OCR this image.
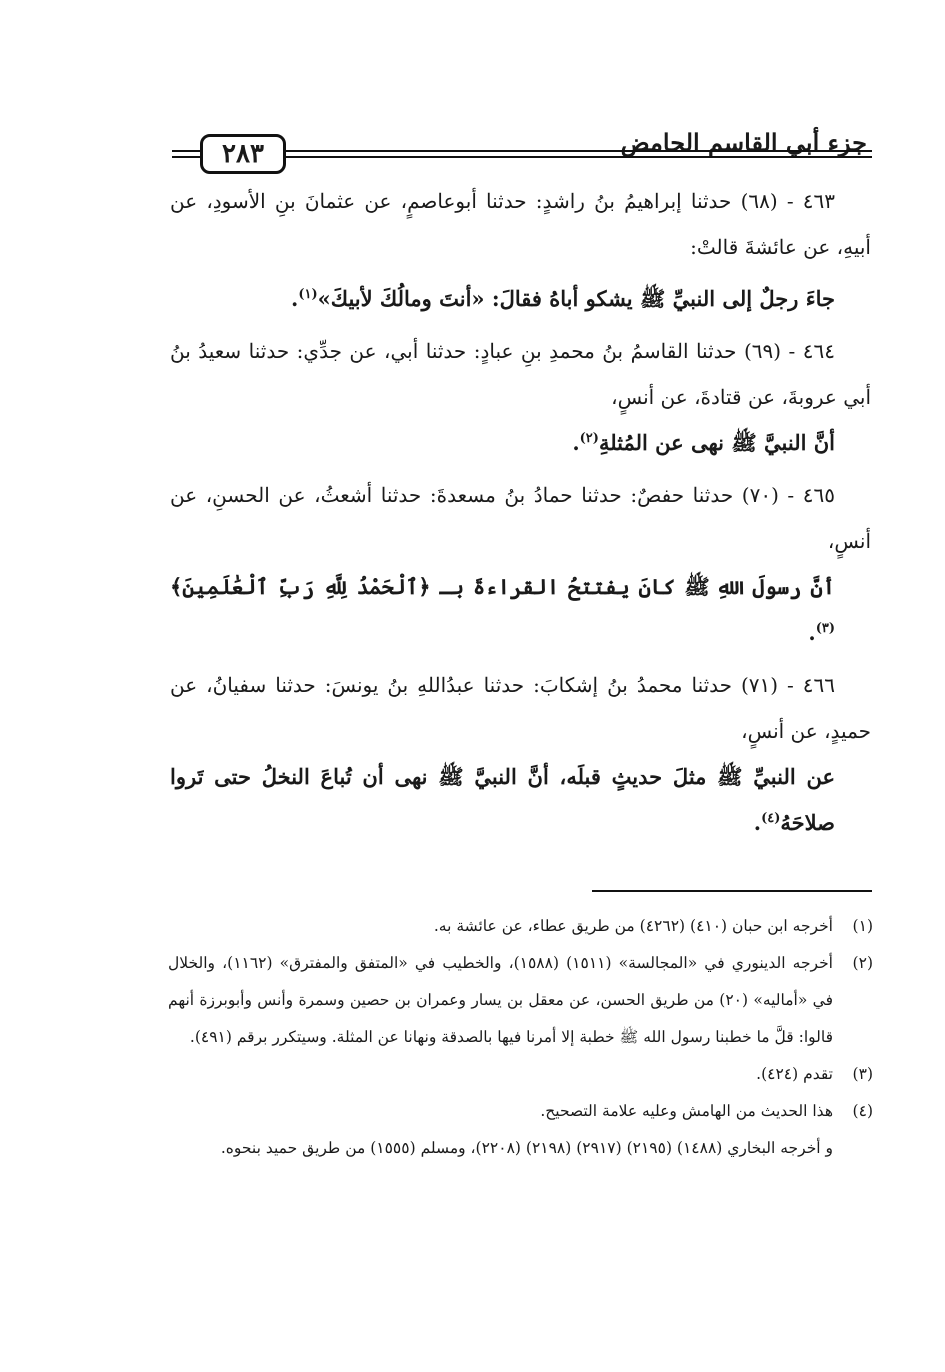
جزء أبي القاسم الحامض
٢٨٣

٤٦٣ - (٦٨) حدثنا إبراهيمُ بنُ راشدٍ: حدثنا أبوعاصمٍ، عن عثمانَ بنِ الأسودِ، عن أبيهِ، عن عائشةَ قالتْ:

جاءَ رجلٌ إلى النبيِّ ﷺ يشكو أباهُ فقالَ: «أنتَ ومالُكَ لأبيكَ»$^{(١)}$.

٤٦٤ - (٦٩) حدثنا القاسمُ بنُ محمدِ بنِ عبادٍ: حدثنا أبي، عن جدِّي: حدثنا سعيدُ بنُ أبي عروبةَ، عن قتادةَ، عن أنسٍ،

أنَّ النبيَّ ﷺ نهى عن المُثلةِ$^{(٢)}$.

٤٦٥ - (٧٠) حدثنا حفصٌ: حدثنا حمادُ بنُ مسعدةَ: حدثنا أشعثُ، عن الحسنِ، عن أنسٍ،

أنَّ رسولَ اللهِ ﷺ كانَ يفتتحُ القراءةَ بـ ﴿ٱلْحَمْدُ لِلَّهِ رَبِّ ٱلْعَٰلَمِينَ﴾$^{(٣)}$.

٤٦٦ - (٧١) حدثنا محمدُ بنُ إشكابَ: حدثنا عبدُاللهِ بنُ يونسَ: حدثنا سفيانُ، عن حميدٍ، عن أنسٍ،

عن النبيِّ ﷺ مثلَ حديثٍ قبلَه، أنَّ النبيَّ ﷺ نهى أن تُباعَ النخلُ حتى تَروا صلاحَهُ$^{(٤)}$.

(١)
أخرجه ابن حبان (٤١٠) (٤٢٦٢) من طريق عطاء، عن عائشة به.
(٢)
أخرجه الدينوري في «المجالسة» (١٥١١) (١٥٨٨)، والخطيب في «المتفق والمفترق» (١١٦٢)، والخلال في «أماليه» (٢٠) من طريق الحسن، عن معقل بن يسار وعمران بن حصين وسمرة وأنس وأبوبرزة أنهم قالوا: قلَّ ما خطبنا رسول الله ﷺ خطبة إلا أمرنا فيها بالصدقة ونهانا عن المثلة. وسيتكرر برقم (٤٩١).
(٣)
تقدم (٤٢٤).
(٤)
هذا الحديث من الهامش وعليه علامة التصحيح.
و أخرجه البخاري (١٤٨٨) (٢١٩٥) (٢٩١٧) (٢١٩٨) (٢٢٠٨)، ومسلم (١٥٥٥) من طريق حميد بنحوه.
